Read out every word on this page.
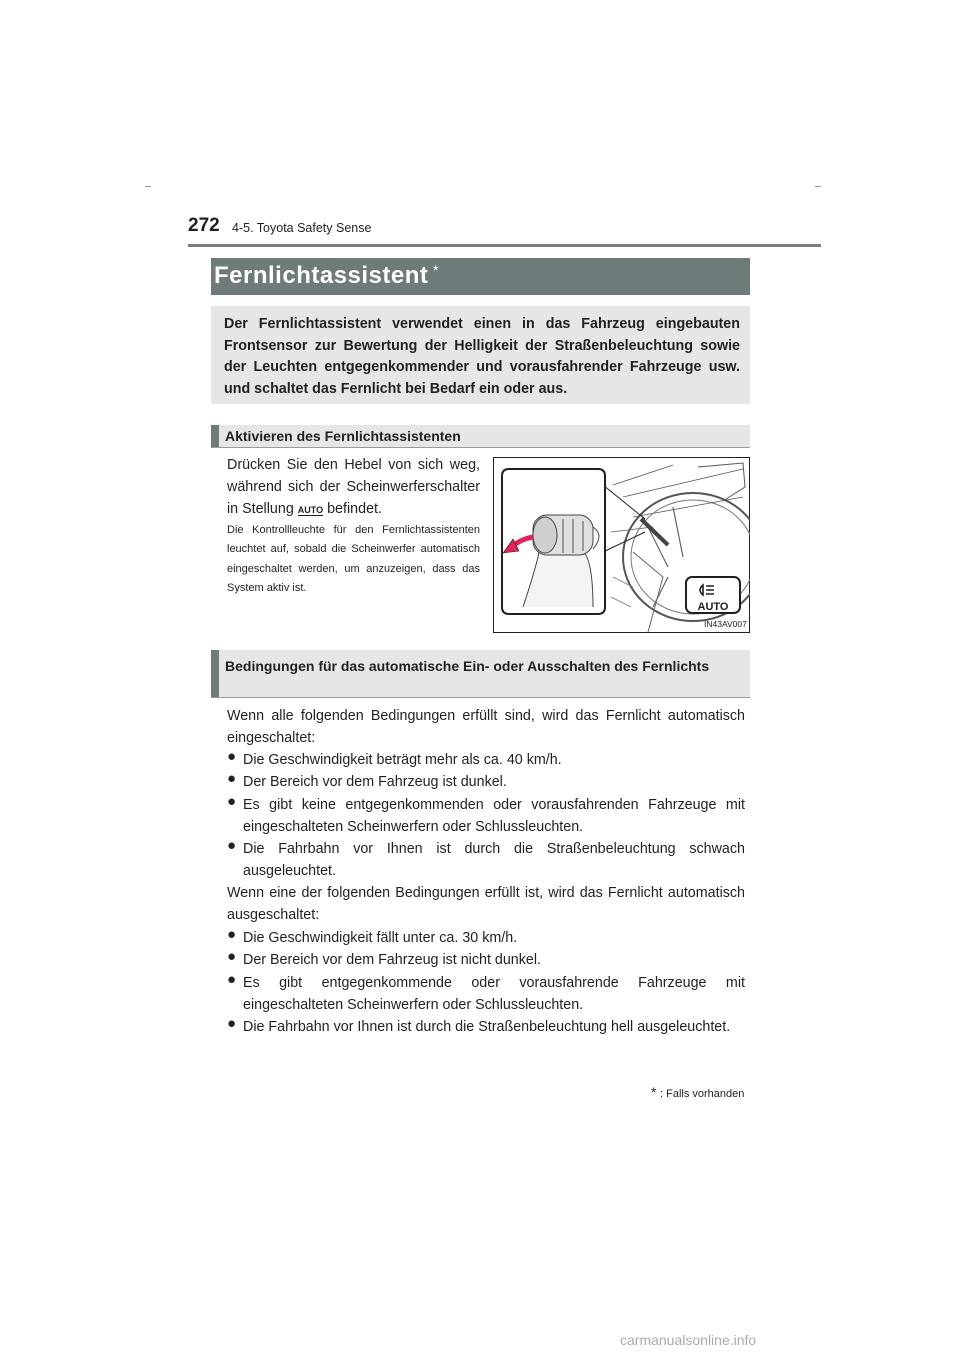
272 4-5. Toyota Safety Sense
Fernlichtassistent *
Der Fernlichtassistent verwendet einen in das Fahrzeug eingebauten Frontsensor zur Bewertung der Helligkeit der Straßenbeleuchtung sowie der Leuchten entgegenkommender und vorausfahrender Fahrzeuge usw. und schaltet das Fernlicht bei Bedarf ein oder aus.
Aktivieren des Fernlichtassistenten
Drücken Sie den Hebel von sich weg, während sich der Scheinwerferschalter in Stellung AUTO befindet.
Die Kontrollleuchte für den Fernlichtassistenten leuchtet auf, sobald die Scheinwerfer automatisch eingeschaltet werden, um anzuzeigen, dass das System aktiv ist.
AUTO
IN43AV007
Bedingungen für das automatische Ein- oder Ausschalten des Fernlichts
Wenn alle folgenden Bedingungen erfüllt sind, wird das Fernlicht automatisch eingeschaltet:
● Die Geschwindigkeit beträgt mehr als ca. 40 km/h.
● Der Bereich vor dem Fahrzeug ist dunkel.
● Es gibt keine entgegenkommenden oder vorausfahrenden Fahrzeuge mit eingeschalteten Scheinwerfern oder Schlussleuchten.
● Die Fahrbahn vor Ihnen ist durch die Straßenbeleuchtung schwach ausgeleuchtet.
Wenn eine der folgenden Bedingungen erfüllt ist, wird das Fernlicht automatisch ausgeschaltet:
● Die Geschwindigkeit fällt unter ca. 30 km/h.
● Der Bereich vor dem Fahrzeug ist nicht dunkel.
● Es gibt entgegenkommende oder vorausfahrende Fahrzeuge mit eingeschalteten Scheinwerfern oder Schlussleuchten.
● Die Fahrbahn vor Ihnen ist durch die Straßenbeleuchtung hell ausgeleuchtet.
* : Falls vorhanden
carmanualsonline.info
